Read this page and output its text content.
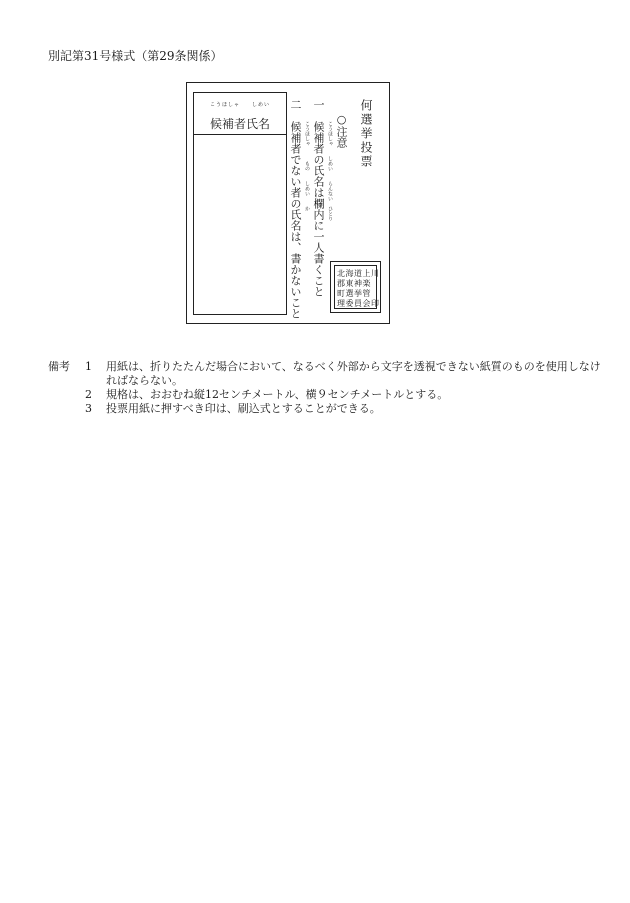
別記第31号様式（第29条関係）
こうほしゃ　　しめい
候補者氏名	何選挙投票
○注意
こうほしゃ　　しめい　　らんない　ひとり
一　候補者の氏名は欄内に一人書くこと
こうほしゃ　　　もの　　しめい　　か
二　候補者でない者の氏名は、書かないこと	北海道上川
郡東神楽
町選挙管
理委員会印
備考 1 用紙は、折りたたんだ場合において、なるべく外部から文字を透視できない紙質のものを使用しなければならない。
2 規格は、おおむね縦12センチメートル、横９センチメートルとする。
3 投票用紙に押すべき印は、刷込式とすることができる。
